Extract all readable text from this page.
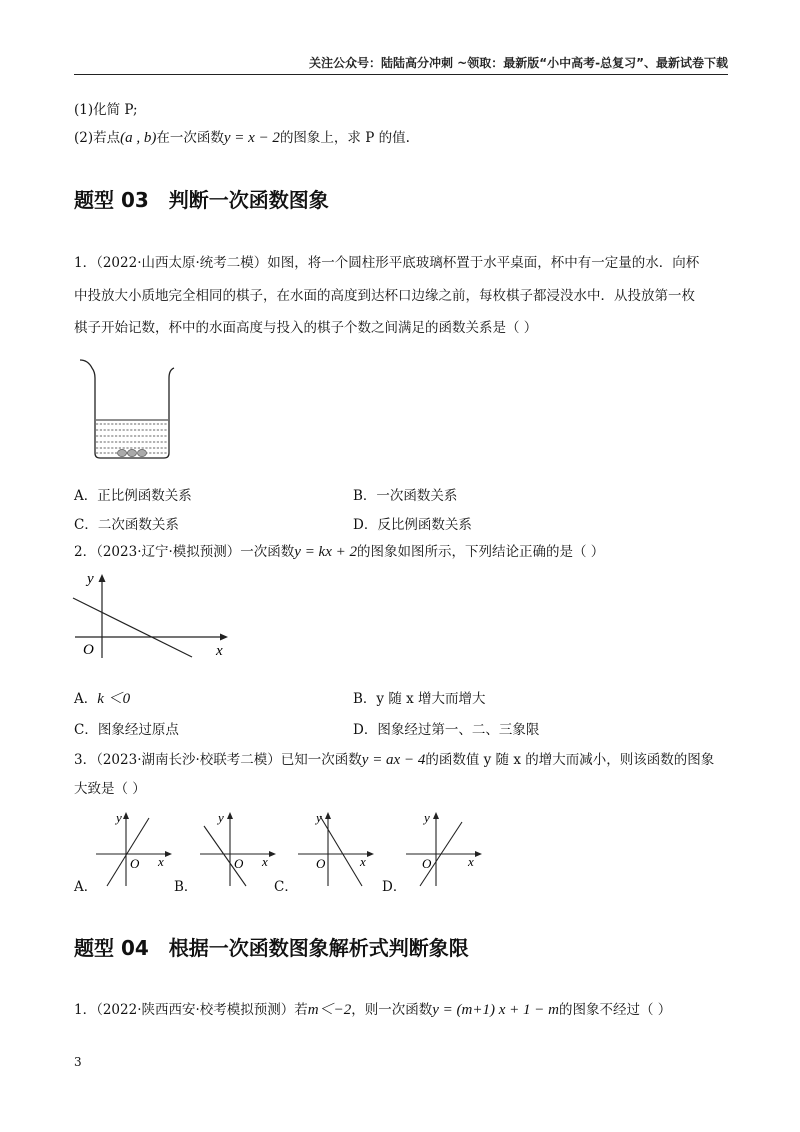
关注公众号：陆陆高分冲刺 ~领取：最新版“小中高考-总复习”、最新试卷下载
(1)化简 P;
(2)若点(a , b)在一次函数y = x − 2的图象上，求 P 的值.
题型 03 判断一次函数图象
1．（2022·山西太原·统考二模）如图，将一个圆柱形平底玻璃杯置于水平桌面，杯中有一定量的水．向杯
中投放大小质地完全相同的棋子，在水面的高度到达杯口边缘之前，每枚棋子都浸没水中．从投放第一枚
棋子开始记数，杯中的水面高度与投入的棋子个数之间满足的函数关系是（ ）
A．正比例函数关系	B．一次函数关系
C．二次函数关系	D．反比例函数关系
2．（2023·辽宁·模拟预测）一次函数y = kx + 2的图象如图所示，下列结论正确的是（ ）
y
x
O
A．k ＜0	B．y 随 x 增大而增大
C．图象经过原点	D．图象经过第一、二、三象限
3．（2023·湖南长沙·校联考二模）已知一次函数y = ax − 4的函数值 y 随 x 的增大而减小，则该函数的图象
大致是（ ）
y
x
O
A．
y
x
O
B．
y
x
O
C．
y
x
O
D．
题型 04 根据一次函数图象解析式判断象限
1．（2022·陕西西安·校考模拟预测）若m＜−2，则一次函数y = (m+1) x + 1 − m的图象不经过（ ）
3
